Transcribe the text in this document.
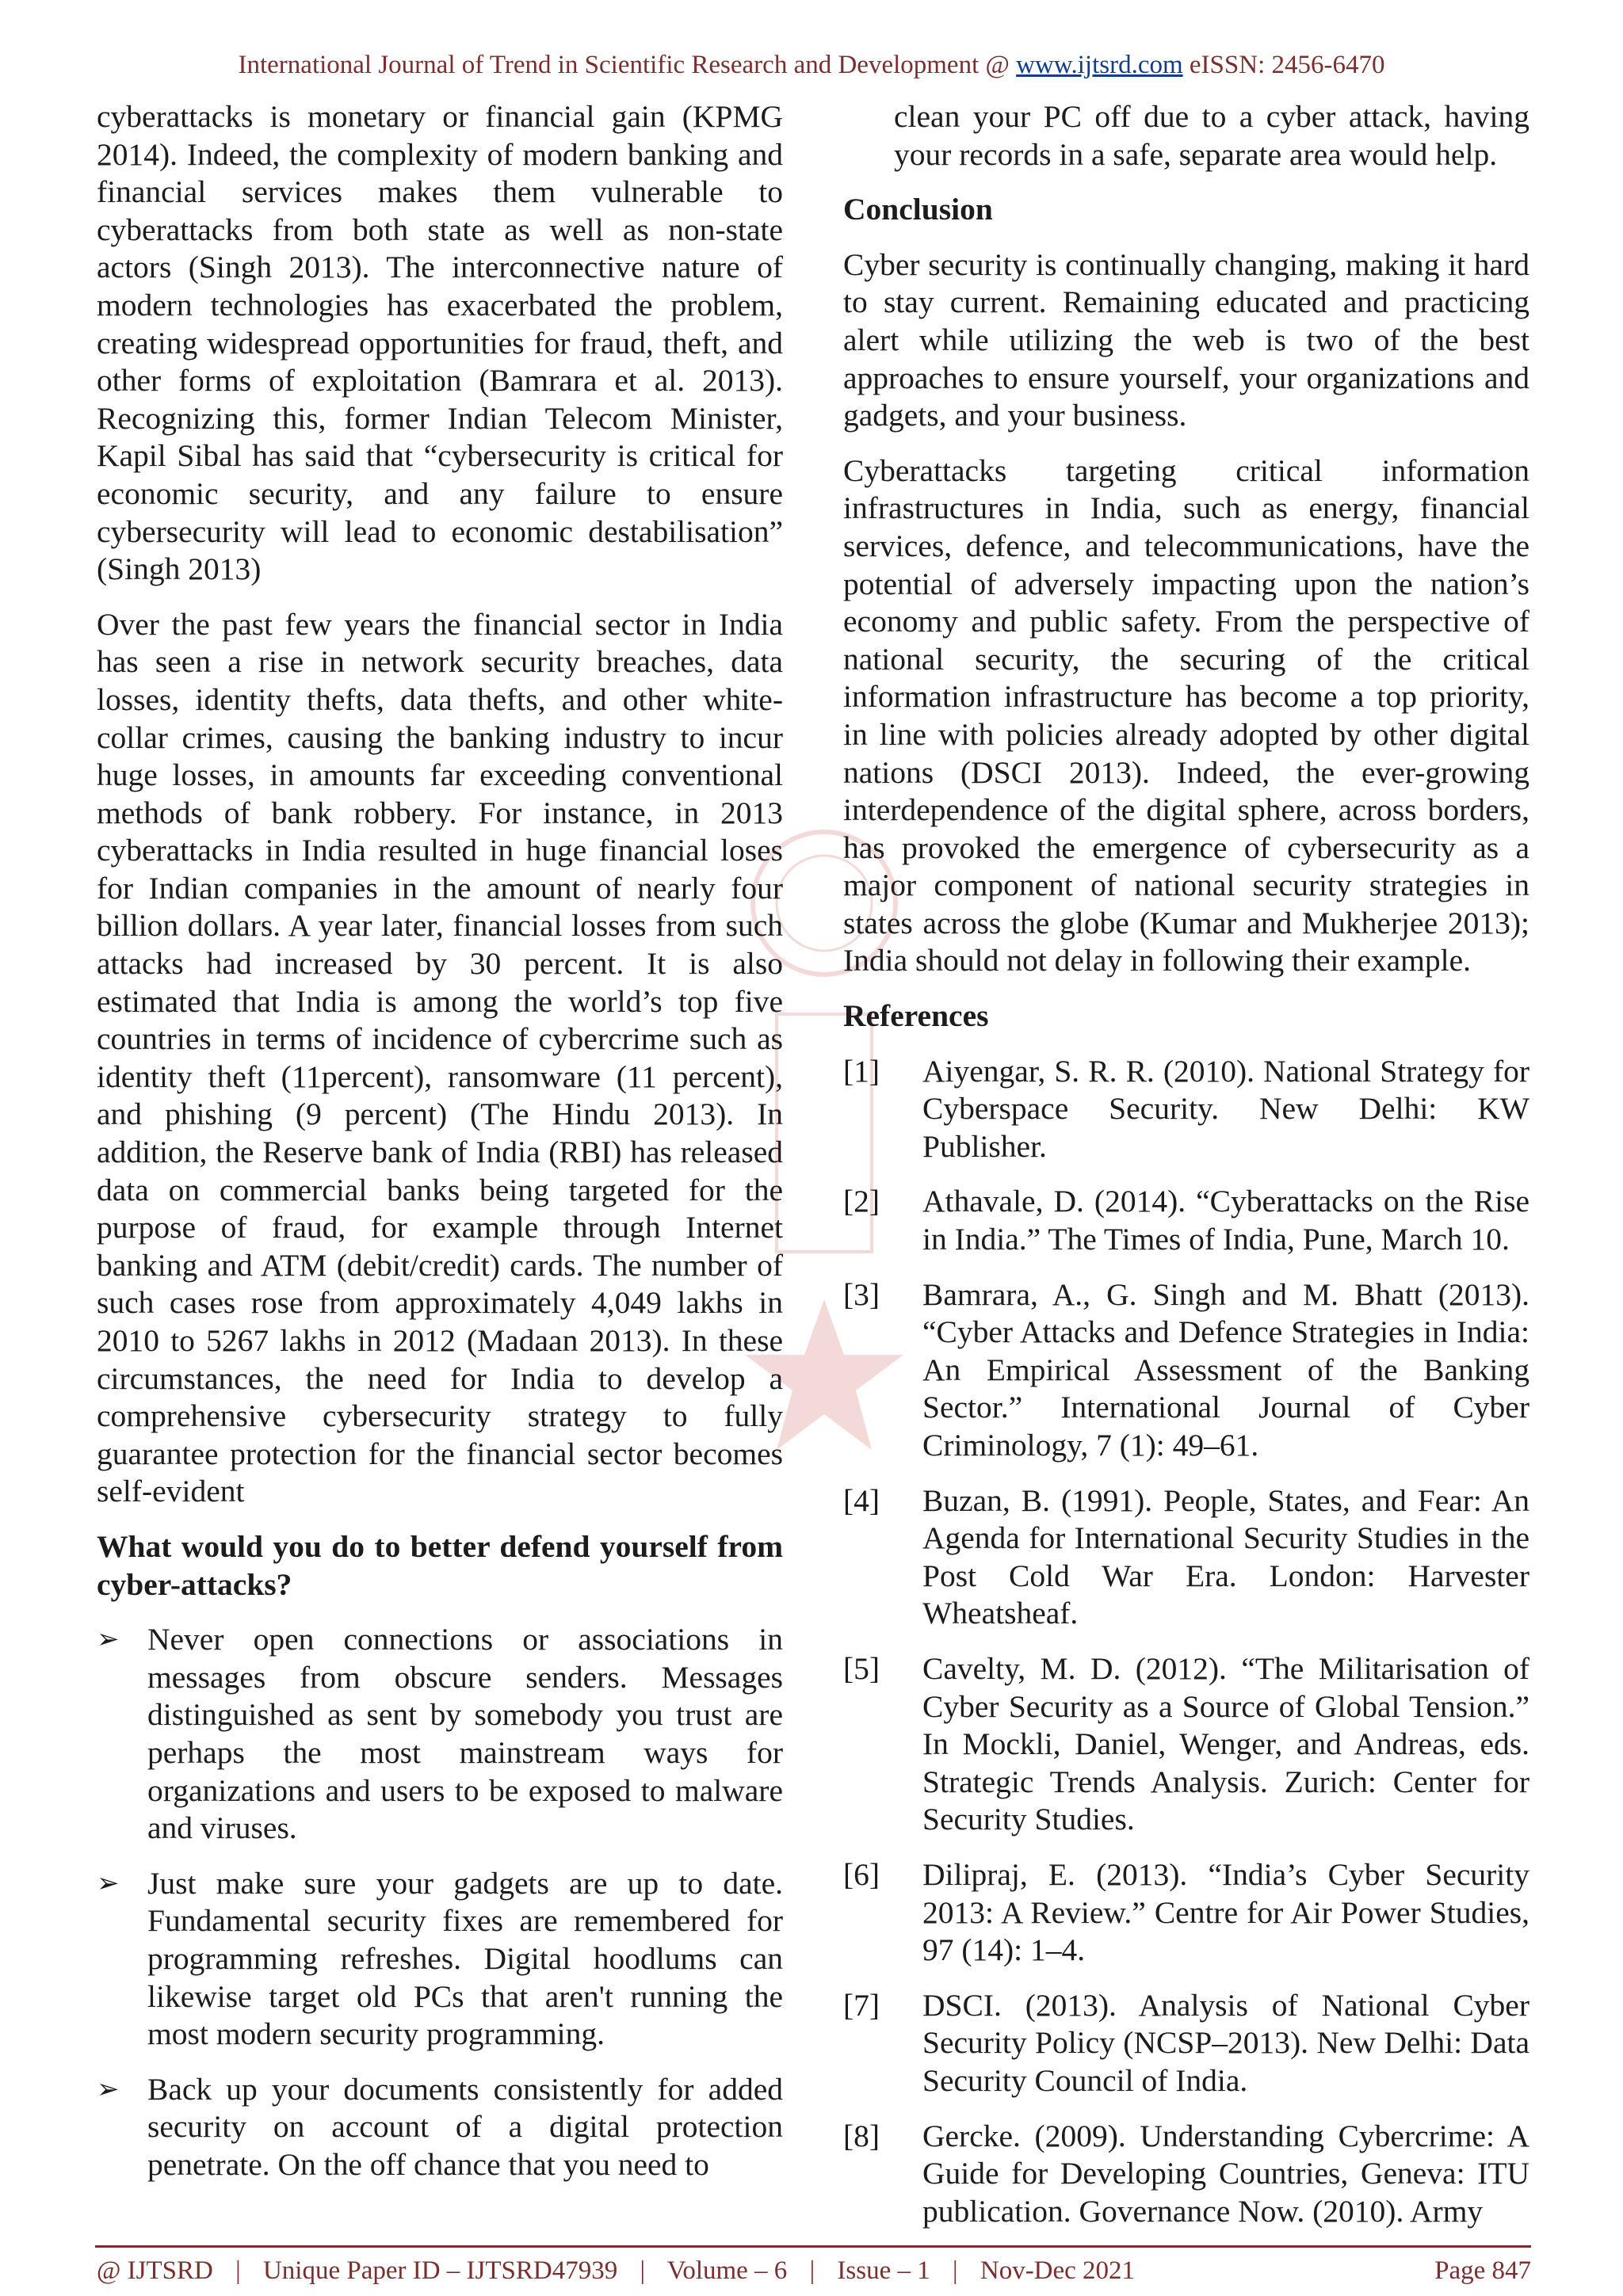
International Journal of Trend in Scientific Research and Development @ www.ijtsrd.com eISSN: 2456-6470

cyberattacks is monetary or financial gain (KPMG 2014). Indeed, the complexity of modern banking and financial services makes them vulnerable to cyberattacks from both state as well as non-state actors (Singh 2013). The interconnective nature of modern technologies has exacerbated the problem, creating widespread opportunities for fraud, theft, and other forms of exploitation (Bamrara et al. 2013). Recognizing this, former Indian Telecom Minister, Kapil Sibal has said that “cybersecurity is critical for economic security, and any failure to ensure cybersecurity will lead to economic destabilisation” (Singh 2013)

Over the past few years the financial sector in India has seen a rise in network security breaches, data losses, identity thefts, data thefts, and other white-collar crimes, causing the banking industry to incur huge losses, in amounts far exceeding conventional methods of bank robbery. For instance, in 2013 cyberattacks in India resulted in huge financial loses for Indian companies in the amount of nearly four billion dollars. A year later, financial losses from such attacks had increased by 30 percent. It is also estimated that India is among the world’s top five countries in terms of incidence of cybercrime such as identity theft (11percent), ransomware (11 percent), and phishing (9 percent) (The Hindu 2013). In addition, the Reserve bank of India (RBI) has released data on commercial banks being targeted for the purpose of fraud, for example through Internet banking and ATM (debit/credit) cards. The number of such cases rose from approximately 4,049 lakhs in 2010 to 5267 lakhs in 2012 (Madaan 2013). In these circumstances, the need for India to develop a comprehensive cybersecurity strategy to fully guarantee protection for the financial sector becomes self-evident

What would you do to better defend yourself from cyber-attacks?

➢ Never open connections or associations in messages from obscure senders. Messages distinguished as sent by somebody you trust are perhaps the most mainstream ways for organizations and users to be exposed to malware and viruses.
➢ Just make sure your gadgets are up to date. Fundamental security fixes are remembered for programming refreshes. Digital hoodlums can likewise target old PCs that aren't running the most modern security programming.
➢ Back up your documents consistently for added security on account of a digital protection penetrate. On the off chance that you need to

clean your PC off due to a cyber attack, having your records in a safe, separate area would help.

Conclusion

Cyber security is continually changing, making it hard to stay current. Remaining educated and practicing alert while utilizing the web is two of the best approaches to ensure yourself, your organizations and gadgets, and your business.

Cyberattacks targeting critical information infrastructures in India, such as energy, financial services, defence, and telecommunications, have the potential of adversely impacting upon the nation’s economy and public safety. From the perspective of national security, the securing of the critical information infrastructure has become a top priority, in line with policies already adopted by other digital nations (DSCI 2013). Indeed, the ever-growing interdependence of the digital sphere, across borders, has provoked the emergence of cybersecurity as a major component of national security strategies in states across the globe (Kumar and Mukherjee 2013); India should not delay in following their example.

References

[1]	Aiyengar, S. R. R. (2010). National Strategy for Cyberspace Security. New Delhi: KW Publisher.
[2]	Athavale, D. (2014). “Cyberattacks on the Rise in India.” The Times of India, Pune, March 10.
[3]	Bamrara, A., G. Singh and M. Bhatt (2013). “Cyber Attacks and Defence Strategies in India: An Empirical Assessment of the Banking Sector.” International Journal of Cyber Criminology, 7 (1): 49–61.
[4]	Buzan, B. (1991). People, States, and Fear: An Agenda for International Security Studies in the Post Cold War Era. London: Harvester Wheatsheaf.
[5]	Cavelty, M. D. (2012). “The Militarisation of Cyber Security as a Source of Global Tension.” In Mockli, Daniel, Wenger, and Andreas, eds. Strategic Trends Analysis. Zurich: Center for Security Studies.
[6]	Dilipraj, E. (2013). “India’s Cyber Security 2013: A Review.” Centre for Air Power Studies, 97 (14): 1–4.
[7]	DSCI. (2013). Analysis of National Cyber Security Policy (NCSP–2013). New Delhi: Data Security Council of India.
[8]	Gercke. (2009). Understanding Cybercrime: A Guide for Developing Countries, Geneva: ITU publication. Governance Now. (2010). Army
@ IJTSRD | Unique Paper ID – IJTSRD47939 | Volume – 6 | Issue – 1 | Nov-Dec 2021	Page 847
